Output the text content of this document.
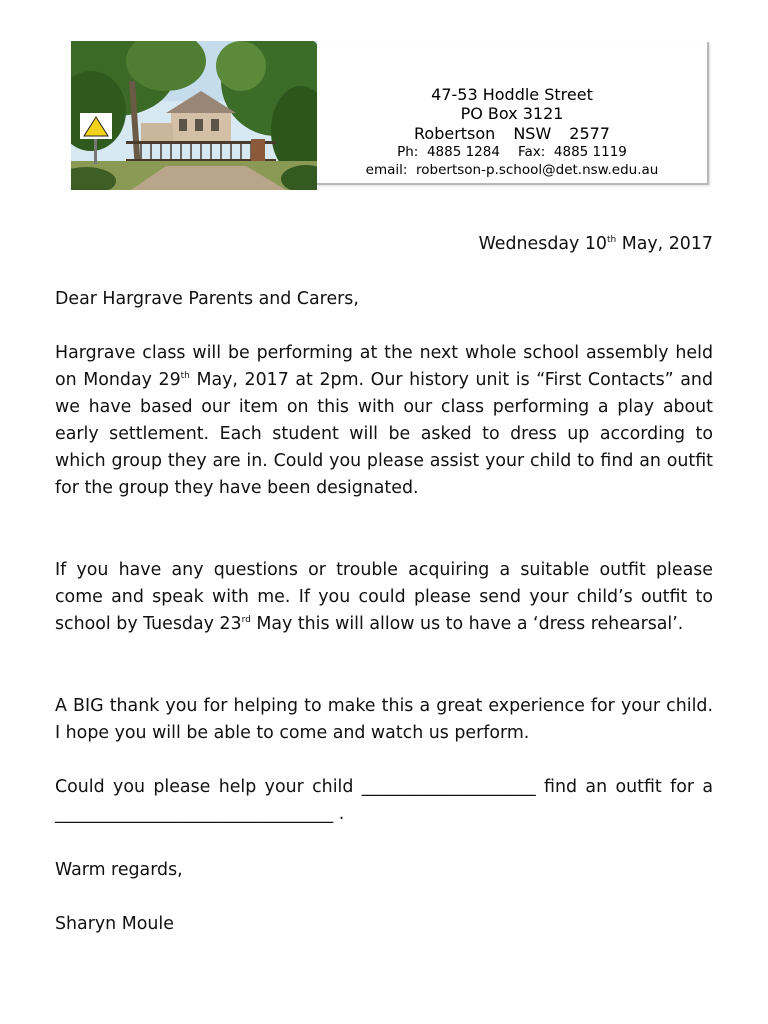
47-53 Hoddle Street
PO Box 3121
Robertson NSW 2577
Ph: 4885 1284 Fax: 4885 1119
email: robertson-p.school@det.nsw.edu.au

Wednesday 10th May, 2017

Dear Hargrave Parents and Carers,

Hargrave class will be performing at the next whole school assembly held on Monday 29th May, 2017 at 2pm. Our history unit is “First Contacts” and we have based our item on this with our class performing a play about early settlement. Each student will be asked to dress up according to which group they are in. Could you please assist your child to find an outfit for the group they have been designated.

If you have any questions or trouble acquiring a suitable outfit please come and speak with me. If you could please send your child’s outfit to school by Tuesday 23rd May this will allow us to have a ‘dress rehearsal’.

A BIG thank you for helping to make this a great experience for your child. I hope you will be able to come and watch us perform.

Could you please help your child ____________________ find an outfit for a ________________________________ .

Warm regards,

Sharyn Moule
